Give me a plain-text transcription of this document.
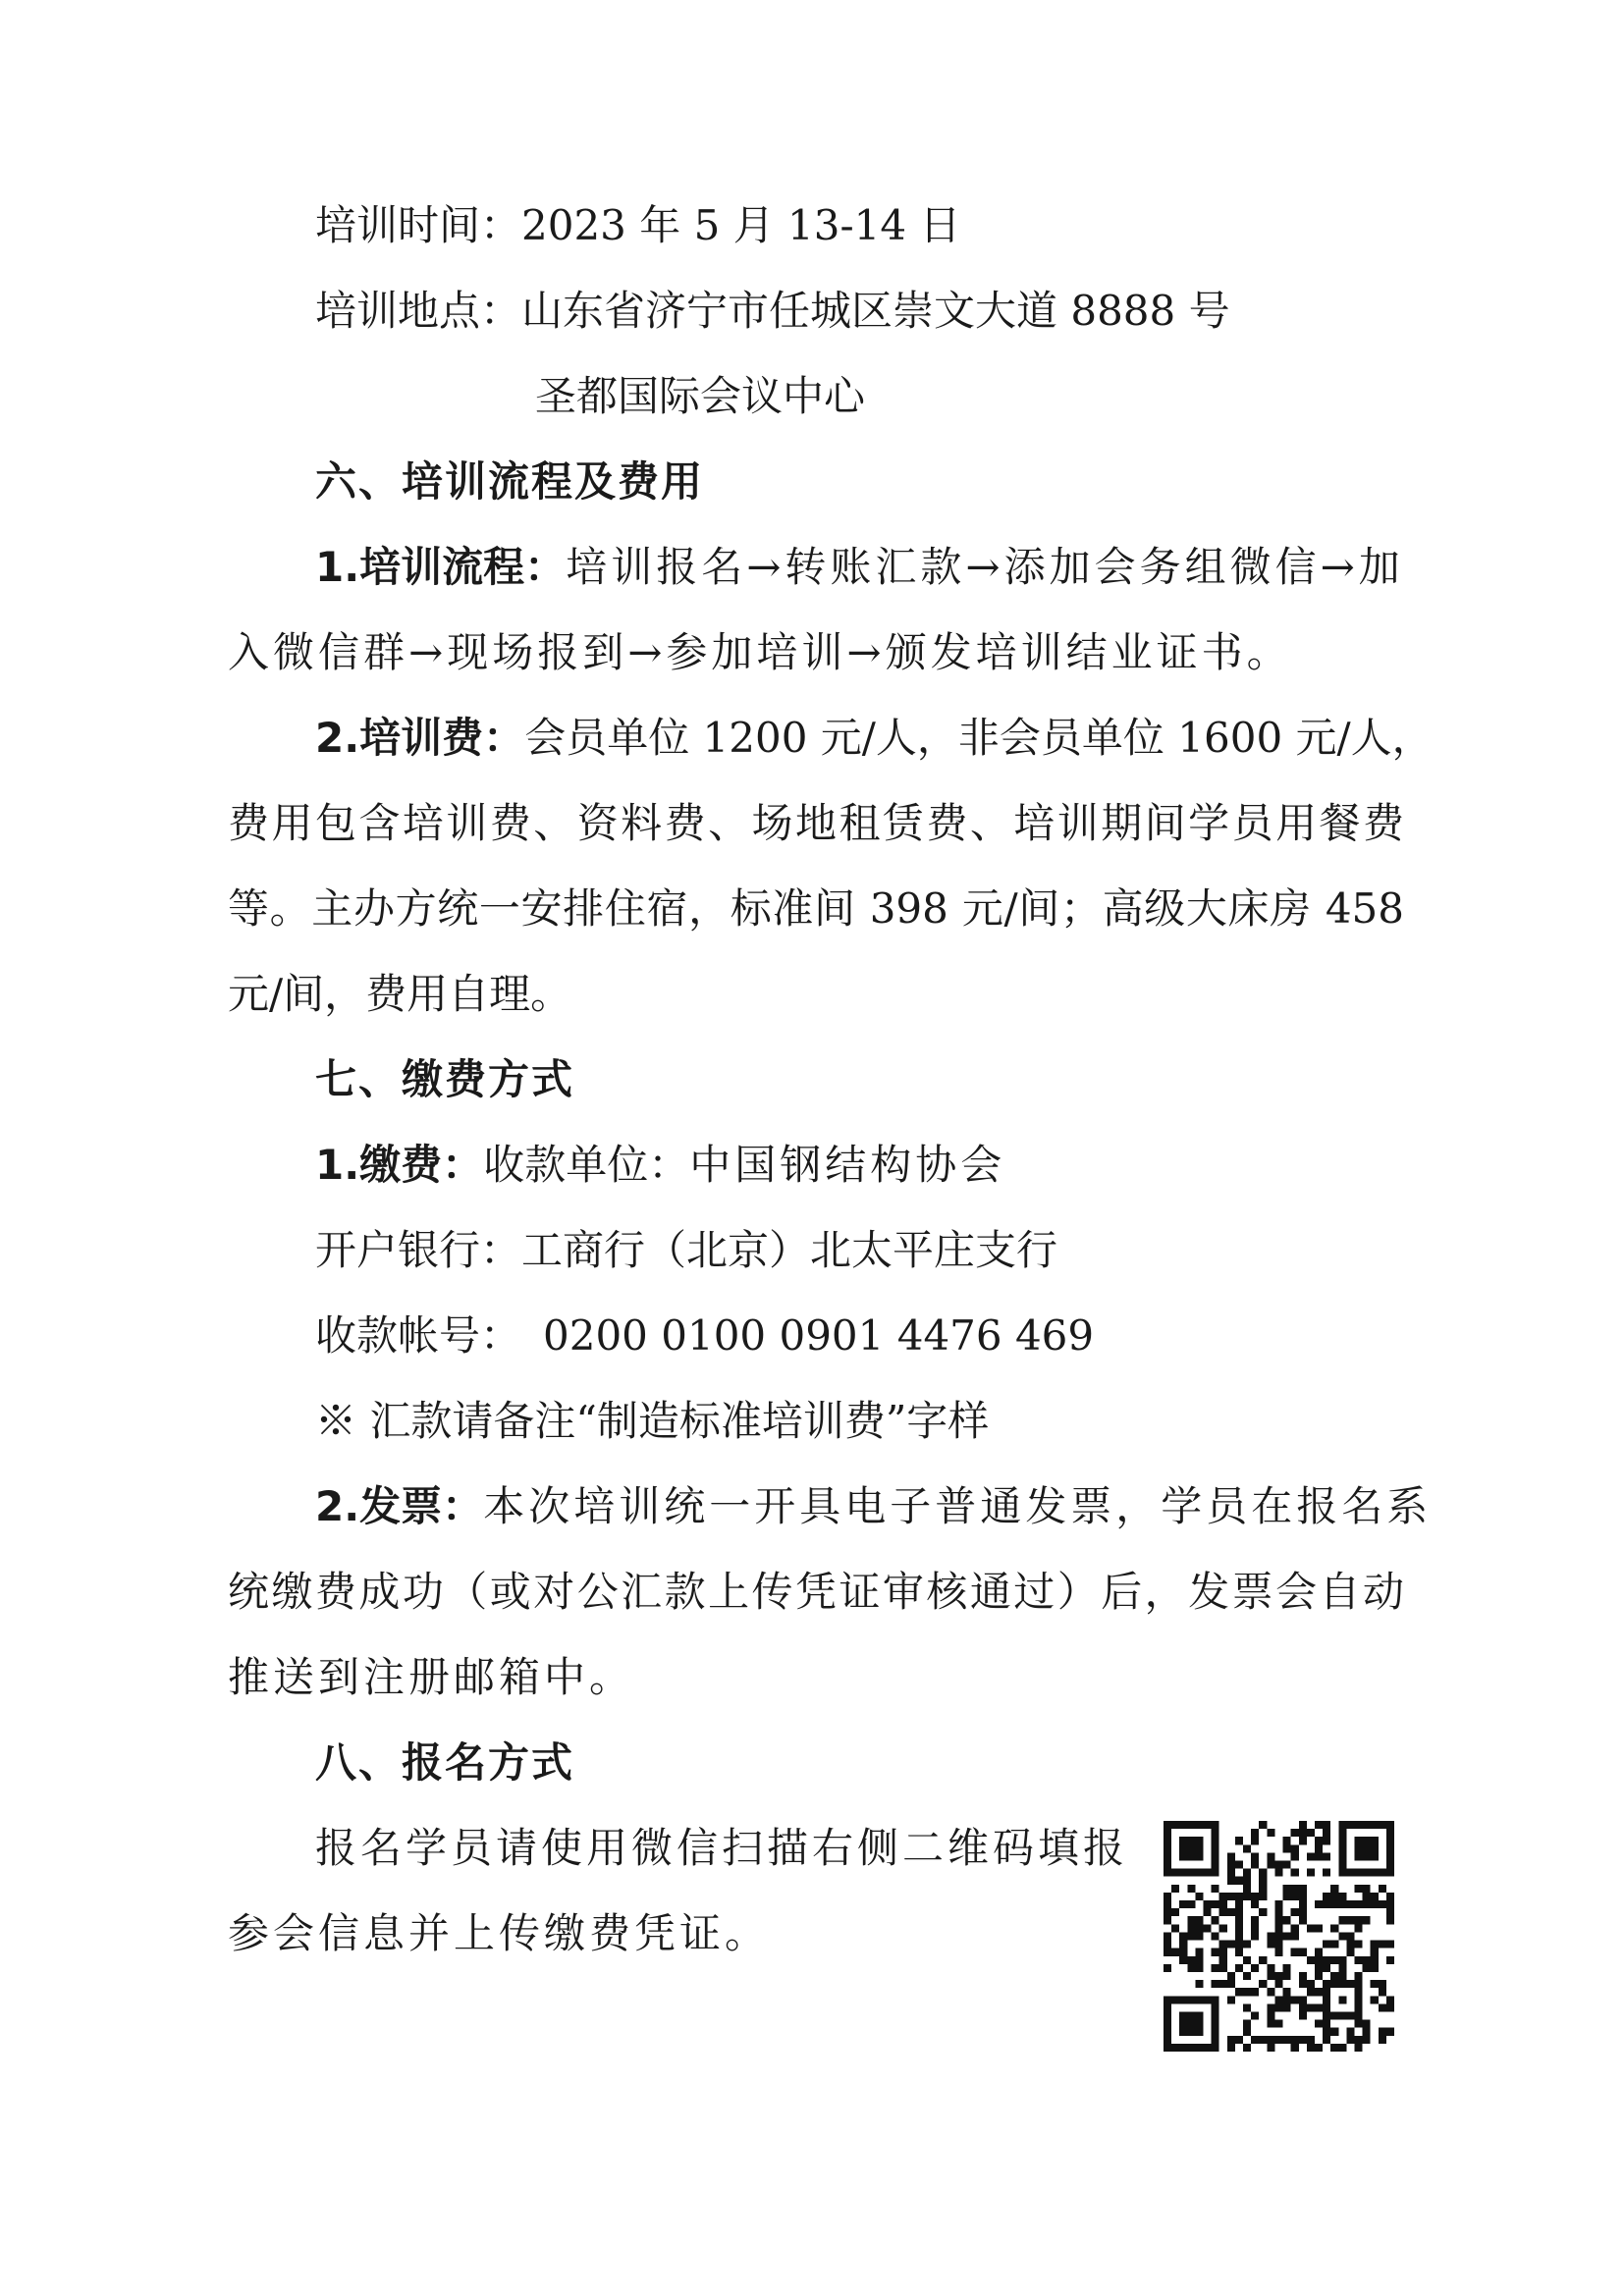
培训时间：2023 年 5 月 13-14 日
培训地点：山东省济宁市任城区崇文大道 8888 号
圣都国际会议中心
六、培训流程及费用
1.培训流程：培训报名→转账汇款→添加会务组微信→加
入微信群→现场报到→参加培训→颁发培训结业证书。
2.培训费：会员单位 1200 元/人，非会员单位 1600 元/人，
费用包含培训费、资料费、场地租赁费、培训期间学员用餐费
等。主办方统一安排住宿，标准间 398 元/间；高级大床房 458
元/间，费用自理。
七、缴费方式
1.缴费：收款单位：中国钢结构协会
开户银行：工商行（北京）北太平庄支行
收款帐号： 0200 0100 0901 4476 469
※ 汇款请备注“制造标准培训费”字样
2.发票：本次培训统一开具电子普通发票，学员在报名系
统缴费成功（或对公汇款上传凭证审核通过）后，发票会自动
推送到注册邮箱中。
八、报名方式
报名学员请使用微信扫描右侧二维码填报
参会信息并上传缴费凭证。
